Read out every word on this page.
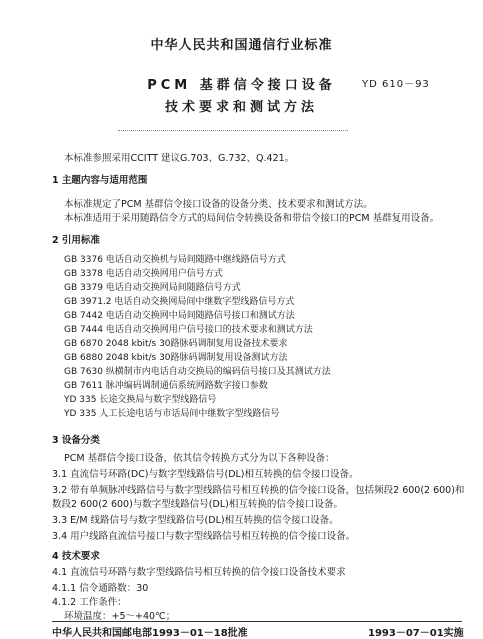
中华人民共和国通信行业标准
PCM 基群信令接口设备
技术要求和测试方法
YD 610－93
本标准参照采用CCITT 建议G.703、G.732、Q.421。
1 主题内容与适用范围
本标准规定了PCM 基群信令接口设备的设备分类、技术要求和测试方法。
本标准适用于采用随路信令方式的局间信令转换设备和带信令接口的PCM 基群复用设备。
2 引用标准
GB 3376 电话自动交换机与局间随路中继线路信号方式
GB 3378 电话自动交换网用户信号方式
GB 3379 电话自动交换网局间随路信号方式
GB 3971.2 电话自动交换网局间中继数字型线路信号方式
GB 7442 电话自动交换网中局间随路信号接口和测试方法
GB 7444 电话自动交换网用户信号接口的技术要求和测试方法
GB 6870 2048 kbit/s 30路脉码调制复用设备技术要求
GB 6880 2048 kbit/s 30路脉码调制复用设备测试方法
GB 7630 纵横制市内电话自动交换局的编码信号接口及其测试方法
GB 7611 脉冲编码调制通信系统网路数字接口参数
YD 335 长途交换局与数字型线路信号
YD 335 人工长途电话与市话局间中继数字型线路信号
3 设备分类
PCM 基群信令接口设备，依其信令转换方式分为以下各种设备：
3.1 直流信号环路(DC)与数字型线路信号(DL)相互转换的信令接口设备。
3.2 带有单频脉冲线路信号与数字型线路信号相互转换的信令接口设备，包括频段2 600(2 600)和
数段2 600(2 600)与数字型线路信号(DL)相互转换的信令接口设备。
3.3 E/M 线路信号与数字型线路信号(DL)相互转换的信令接口设备。
3.4 用户线路直流信号接口与数字型线路信号相互转换的信令接口设备。
4 技术要求
4.1 直流信号环路与数字型线路信号相互转换的信令接口设备技术要求
4.1.1 信令通路数：30
4.1.2 工作条件：
环境温度：+5～+40℃；
中华人民共和国邮电部1993－01－18批准	1993－07－01实施
